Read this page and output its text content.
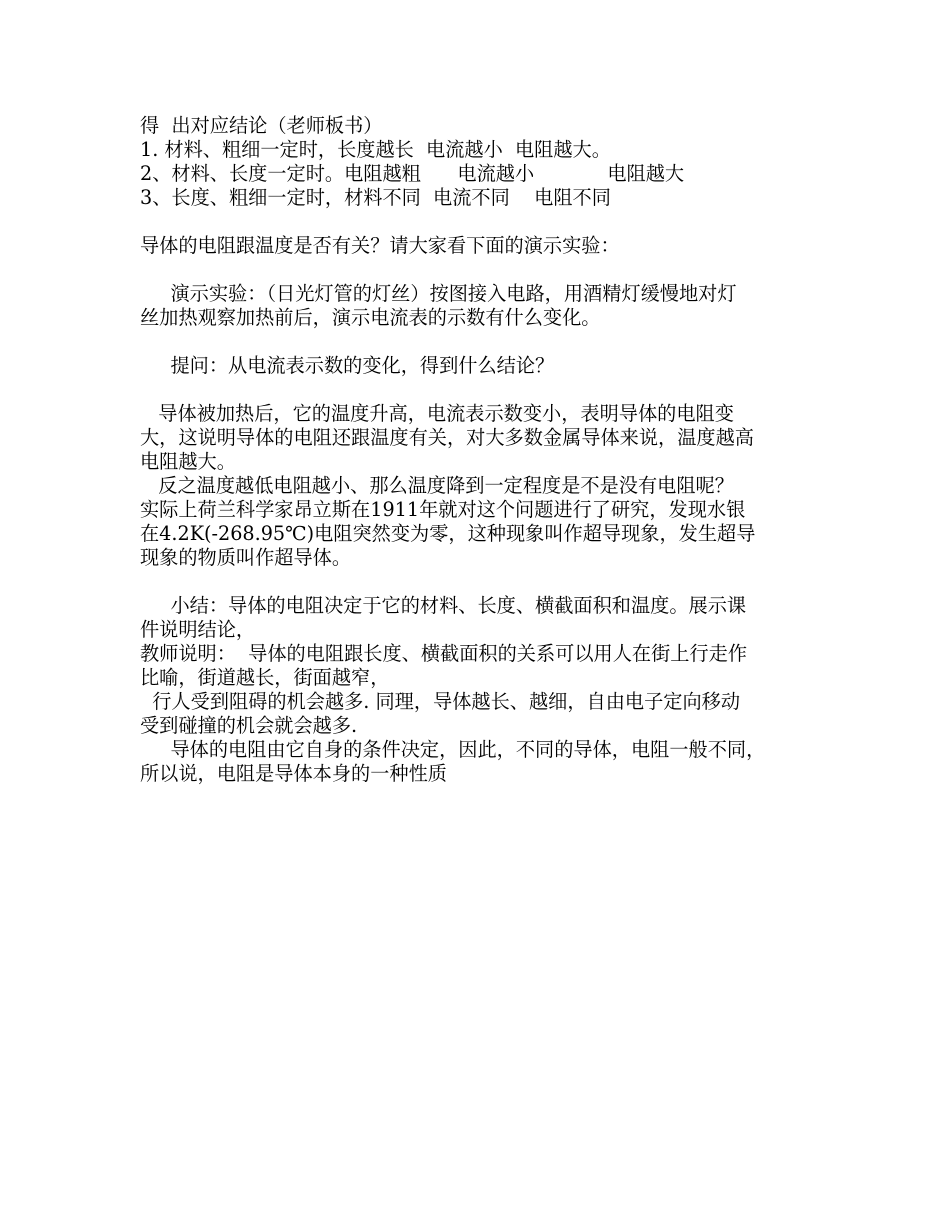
得  出对应结论（老师板书）
1. 材料、粗细一定时，长度越长  电流越小  电阻越大。
2、材料、长度一定时。电阻越粗      电流越小            电阻越大
3、长度、粗细一定时，材料不同  电流不同    电阻不同
导体的电阻跟温度是否有关？请大家看下面的演示实验：
演示实验：（日光灯管的灯丝）按图接入电路，用酒精灯缓慢地对灯
丝加热观察加热前后，演示电流表的示数有什么变化。
提问：从电流表示数的变化，得到什么结论？
导体被加热后，它的温度升高，电流表示数变小，表明导体的电阻变
大，这说明导体的电阻还跟温度有关，对大多数金属导体来说，温度越高
电阻越大。
反之温度越低电阻越小、那么温度降到一定程度是不是没有电阻呢？
实际上荷兰科学家昂立斯在1911年就对这个问题进行了研究，发现水银
在4.2K(-268.95℃)电阻突然变为零，这种现象叫作超导现象，发生超导
现象的物质叫作超导体。
小结：导体的电阻决定于它的材料、长度、横截面积和温度。展示课
件说明结论，
教师说明：  导体的电阻跟长度、横截面积的关系可以用人在街上行走作
比喻，街道越长，街面越窄，
行人受到阻碍的机会越多. 同理，导体越长、越细，自由电子定向移动
受到碰撞的机会就会越多.
导体的电阻由它自身的条件决定，因此，不同的导体，电阻一般不同，
所以说，电阻是导体本身的一种性质
